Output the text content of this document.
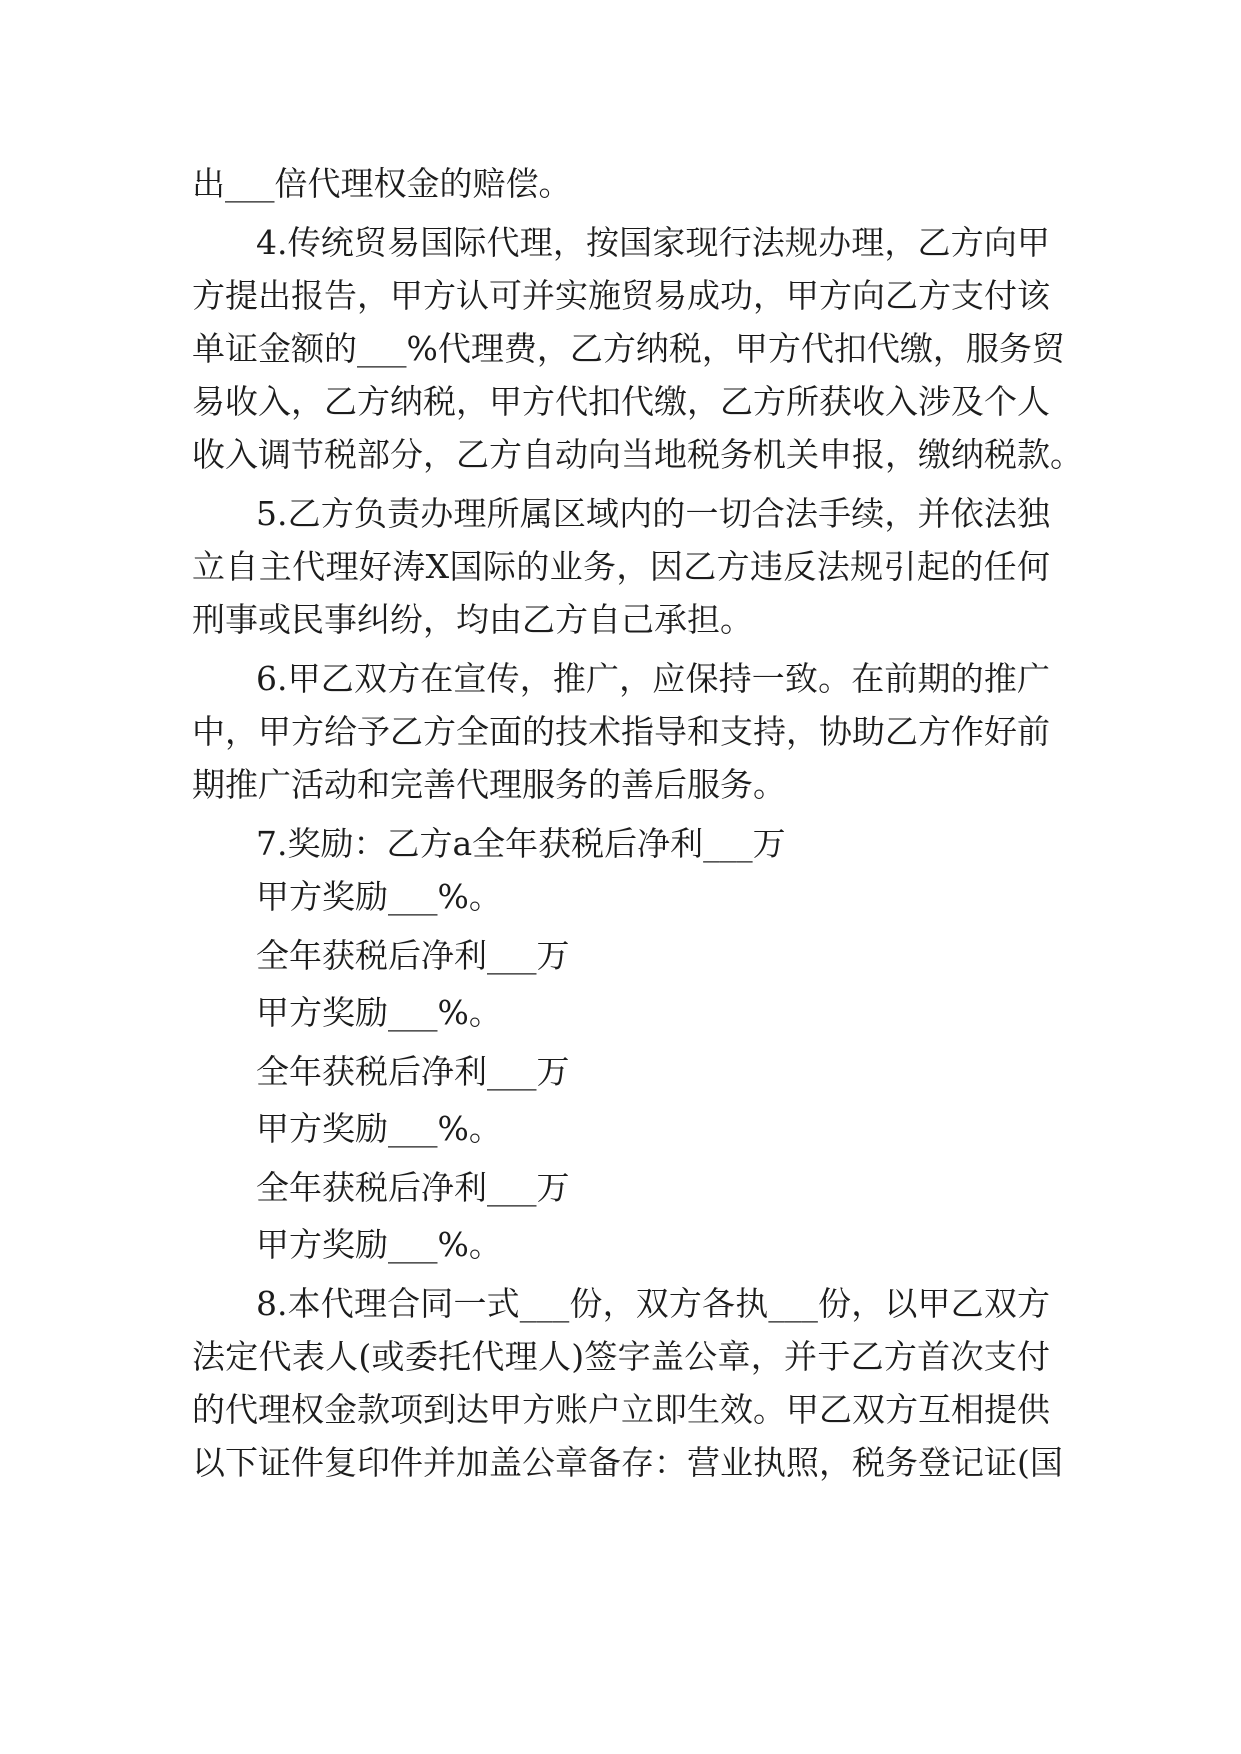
出___倍代理权金的赔偿。
4.传统贸易国际代理，按国家现行法规办理，乙方向甲
方提出报告，甲方认可并实施贸易成功，甲方向乙方支付该
单证金额的___%代理费，乙方纳税，甲方代扣代缴，服务贸
易收入，乙方纳税，甲方代扣代缴，乙方所获收入涉及个人
收入调节税部分，乙方自动向当地税务机关申报，缴纳税款。
5.乙方负责办理所属区域内的一切合法手续，并依法独
立自主代理好涛X国际的业务，因乙方违反法规引起的任何
刑事或民事纠纷，均由乙方自己承担。
6.甲乙双方在宣传，推广，应保持一致。在前期的推广
中，甲方给予乙方全面的技术指导和支持，协助乙方作好前
期推广活动和完善代理服务的善后服务。
7.奖励：乙方a全年获税后净利___万
甲方奖励___%。
全年获税后净利___万
甲方奖励___%。
全年获税后净利___万
甲方奖励___%。
全年获税后净利___万
甲方奖励___%。
8.本代理合同一式___份，双方各执___份，以甲乙双方
法定代表人(或委托代理人)签字盖公章，并于乙方首次支付
的代理权金款项到达甲方账户立即生效。甲乙双方互相提供
以下证件复印件并加盖公章备存：营业执照，税务登记证(国
